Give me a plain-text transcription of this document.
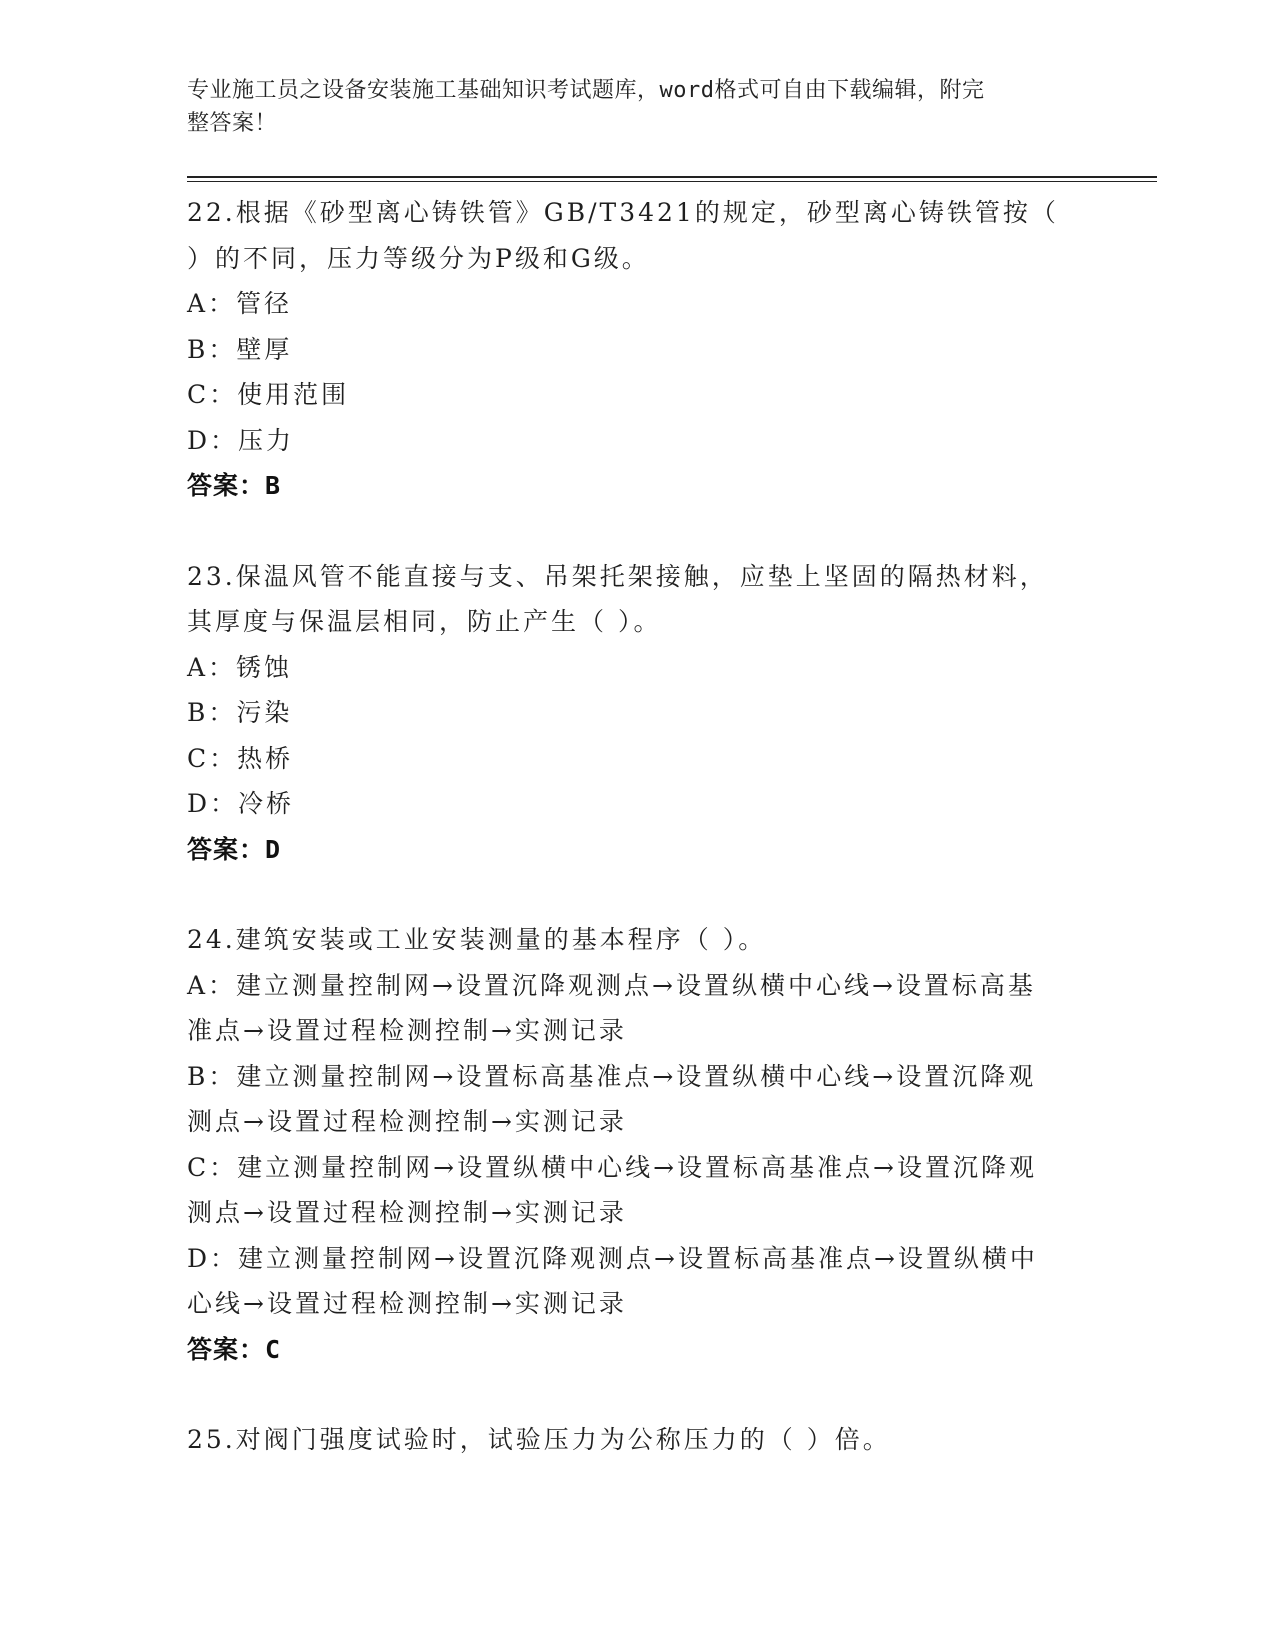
专业施工员之设备安装施工基础知识考试题库，word格式可自由下载编辑，附完
整答案！
22.根据《砂型离心铸铁管》GB/T3421的规定，砂型离心铸铁管按（
）的不同，压力等级分为P级和G级。
A：管径
B：壁厚
C：使用范围
D：压力
答案：B
23.保温风管不能直接与支、吊架托架接触，应垫上坚固的隔热材料，
其厚度与保温层相同，防止产生（ ）。
A：锈蚀
B：污染
C：热桥
D：冷桥
答案：D
24.建筑安装或工业安装测量的基本程序（ ）。
A：建立测量控制网→设置沉降观测点→设置纵横中心线→设置标高基
准点→设置过程检测控制→实测记录
B：建立测量控制网→设置标高基准点→设置纵横中心线→设置沉降观
测点→设置过程检测控制→实测记录
C：建立测量控制网→设置纵横中心线→设置标高基准点→设置沉降观
测点→设置过程检测控制→实测记录
D：建立测量控制网→设置沉降观测点→设置标高基准点→设置纵横中
心线→设置过程检测控制→实测记录
答案：C
25.对阀门强度试验时，试验压力为公称压力的（ ）倍。
